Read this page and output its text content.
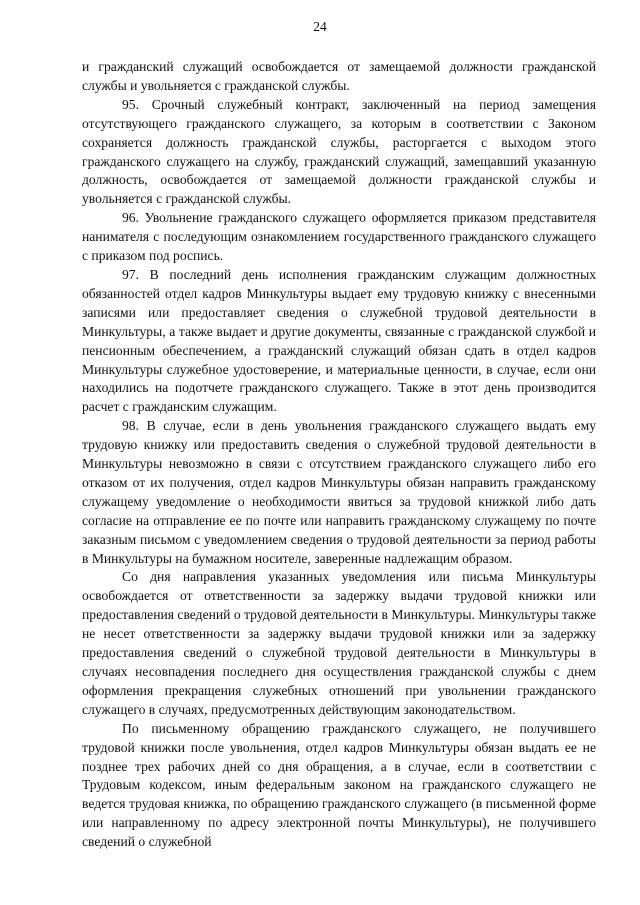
24

и гражданский служащий освобождается от замещаемой должности гражданской службы и увольняется с гражданской службы.

95. Срочный служебный контракт, заключенный на период замещения отсутствующего гражданского служащего, за которым в соответствии с Законом сохраняется должность гражданской службы, расторгается с выходом этого гражданского служащего на службу, гражданский служащий, замещавший указанную должность, освобождается от замещаемой должности гражданской службы и увольняется с гражданской службы.

96. Увольнение гражданского служащего оформляется приказом представителя нанимателя с последующим ознакомлением государственного гражданского служащего с приказом под роспись.

97. В последний день исполнения гражданским служащим должностных обязанностей отдел кадров Минкультуры выдает ему трудовую книжку с внесенными записями или предоставляет сведения о служебной трудовой деятельности в Минкультуры, а также выдает и другие документы, связанные с гражданской службой и пенсионным обеспечением, а гражданский служащий обязан сдать в отдел кадров Минкультуры служебное удостоверение, и материальные ценности, в случае, если они находились на подотчете гражданского служащего. Также в этот день производится расчет с гражданским служащим.

98. В случае, если в день увольнения гражданского служащего выдать ему трудовую книжку или предоставить сведения о служебной трудовой деятельности в Минкультуры невозможно в связи с отсутствием гражданского служащего либо его отказом от их получения, отдел кадров Минкультуры обязан направить гражданскому служащему уведомление о необходимости явиться за трудовой книжкой либо дать согласие на отправление ее по почте или направить гражданскому служащему по почте заказным письмом с уведомлением сведения о трудовой деятельности за период работы в Минкультуры на бумажном носителе, заверенные надлежащим образом.

Со дня направления указанных уведомления или письма Минкультуры освобождается от ответственности за задержку выдачи трудовой книжки или предоставления сведений о трудовой деятельности в Минкультуры. Минкультуры также не несет ответственности за задержку выдачи трудовой книжки или за задержку предоставления сведений о служебной трудовой деятельности в Минкультуры в случаях несовпадения последнего дня осуществления гражданской службы с днем оформления прекращения служебных отношений при увольнении гражданского служащего в случаях, предусмотренных действующим законодательством.

По письменному обращению гражданского служащего, не получившего трудовой книжки после увольнения, отдел кадров Минкультуры обязан выдать ее не позднее трех рабочих дней со дня обращения, а в случае, если в соответствии с Трудовым кодексом, иным федеральным законом на гражданского служащего не ведется трудовая книжка, по обращению гражданского служащего (в письменной форме или направленному по адресу электронной почты Минкультуры), не получившего сведений о служебной
